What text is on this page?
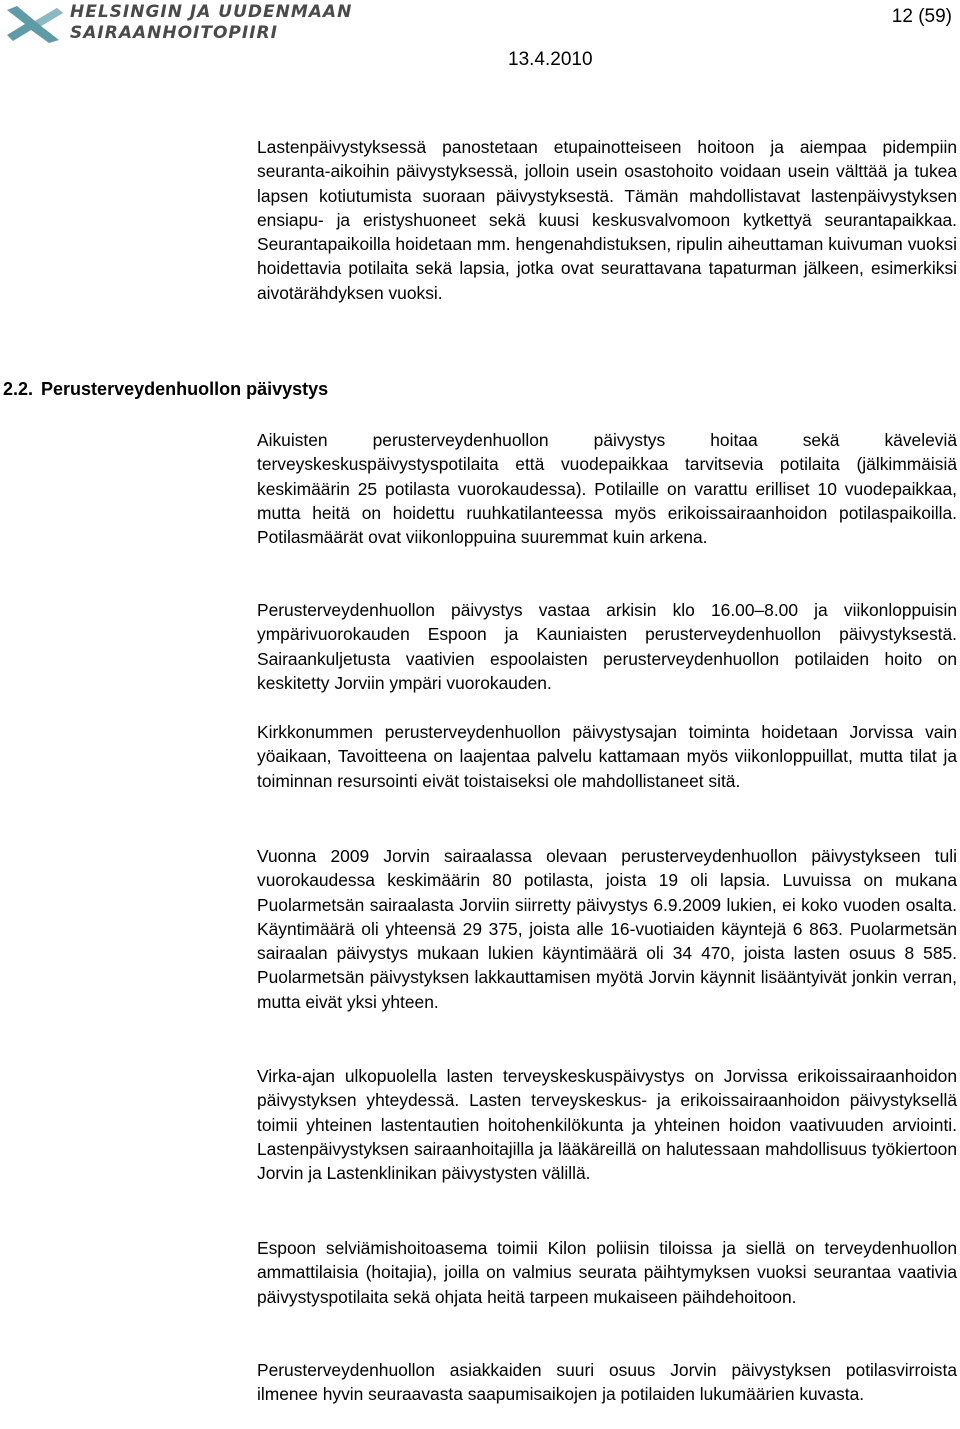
HELSINGIN JA UUDENMAAN
SAIRAANHOITOPIIRI
12 (59)
13.4.2010

Lastenpäivystyksessä panostetaan etupainotteiseen hoitoon ja aiempaa pidempiin seuranta-aikoihin päivystyksessä, jolloin usein osastohoito voidaan usein välttää ja tukea lapsen kotiutumista suoraan päivystyksestä. Tämän mahdollistavat lastenpäivystyksen ensiapu- ja eristyshuoneet sekä kuusi keskusvalvomoon kytkettyä seurantapaikkaa. Seurantapaikoilla hoidetaan mm. hengenahdistuksen, ripulin aiheuttaman kuivuman vuoksi hoidettavia potilaita sekä lapsia, jotka ovat seurattavana tapaturman jälkeen, esimerkiksi aivotärähdyksen vuoksi.

2.2. Perusterveydenhuollon päivystys

Aikuisten perusterveydenhuollon päivystys hoitaa sekä käveleviä terveyskeskuspäivystyspotilaita että vuodepaikkaa tarvitsevia potilaita (jälkimmäisiä keskimäärin 25 potilasta vuorokaudessa). Potilaille on varattu erilliset 10 vuodepaikkaa, mutta heitä on hoidettu ruuhkatilanteessa myös erikoissairaanhoidon potilaspaikoilla. Potilasmäärät ovat viikonloppuina suuremmat kuin arkena.

Perusterveydenhuollon päivystys vastaa arkisin klo 16.00–8.00 ja viikonloppuisin ympärivuorokauden Espoon ja Kauniaisten perusterveydenhuollon päivystyksestä. Sairaankuljetusta vaativien espoolaisten perusterveydenhuollon potilaiden hoito on keskitetty Jorviin ympäri vuorokauden.

Kirkkonummen perusterveydenhuollon päivystysajan toiminta hoidetaan Jorvissa vain yöaikaan, Tavoitteena on laajentaa palvelu kattamaan myös viikonloppuillat, mutta tilat ja toiminnan resursointi eivät toistaiseksi ole mahdollistaneet sitä.

Vuonna 2009 Jorvin sairaalassa olevaan perusterveydenhuollon päivystykseen tuli vuorokaudessa keskimäärin 80 potilasta, joista 19 oli lapsia. Luvuissa on mukana Puolarmetsän sairaalasta Jorviin siirretty päivystys 6.9.2009 lukien, ei koko vuoden osalta. Käyntimäärä oli yhteensä 29 375, joista alle 16-vuotiaiden käyntejä 6 863. Puolarmetsän sairaalan päivystys mukaan lukien käyntimäärä oli 34 470, joista lasten osuus 8 585. Puolarmetsän päivystyksen lakkauttamisen myötä Jorvin käynnit lisääntyivät jonkin verran, mutta eivät yksi yhteen.

Virka-ajan ulkopuolella lasten terveyskeskuspäivystys on Jorvissa erikoissairaanhoidon päivystyksen yhteydessä. Lasten terveyskeskus- ja erikoissairaanhoidon päivystyksellä toimii yhteinen lastentautien hoitohenkilökunta ja yhteinen hoidon vaativuuden arviointi. Lastenpäivystyksen sairaanhoitajilla ja lääkäreillä on halutessaan mahdollisuus työkiertoon Jorvin ja Lastenklinikan päivystysten välillä.

Espoon selviämishoitoasema toimii Kilon poliisin tiloissa ja siellä on terveydenhuollon ammattilaisia (hoitajia), joilla on valmius seurata päihtymyksen vuoksi seurantaa vaativia päivystyspotilaita sekä ohjata heitä tarpeen mukaiseen päihdehoitoon.

Perusterveydenhuollon asiakkaiden suuri osuus Jorvin päivystyksen potilasvirroista ilmenee hyvin seuraavasta saapumisaikojen ja potilaiden lukumäärien kuvasta.
